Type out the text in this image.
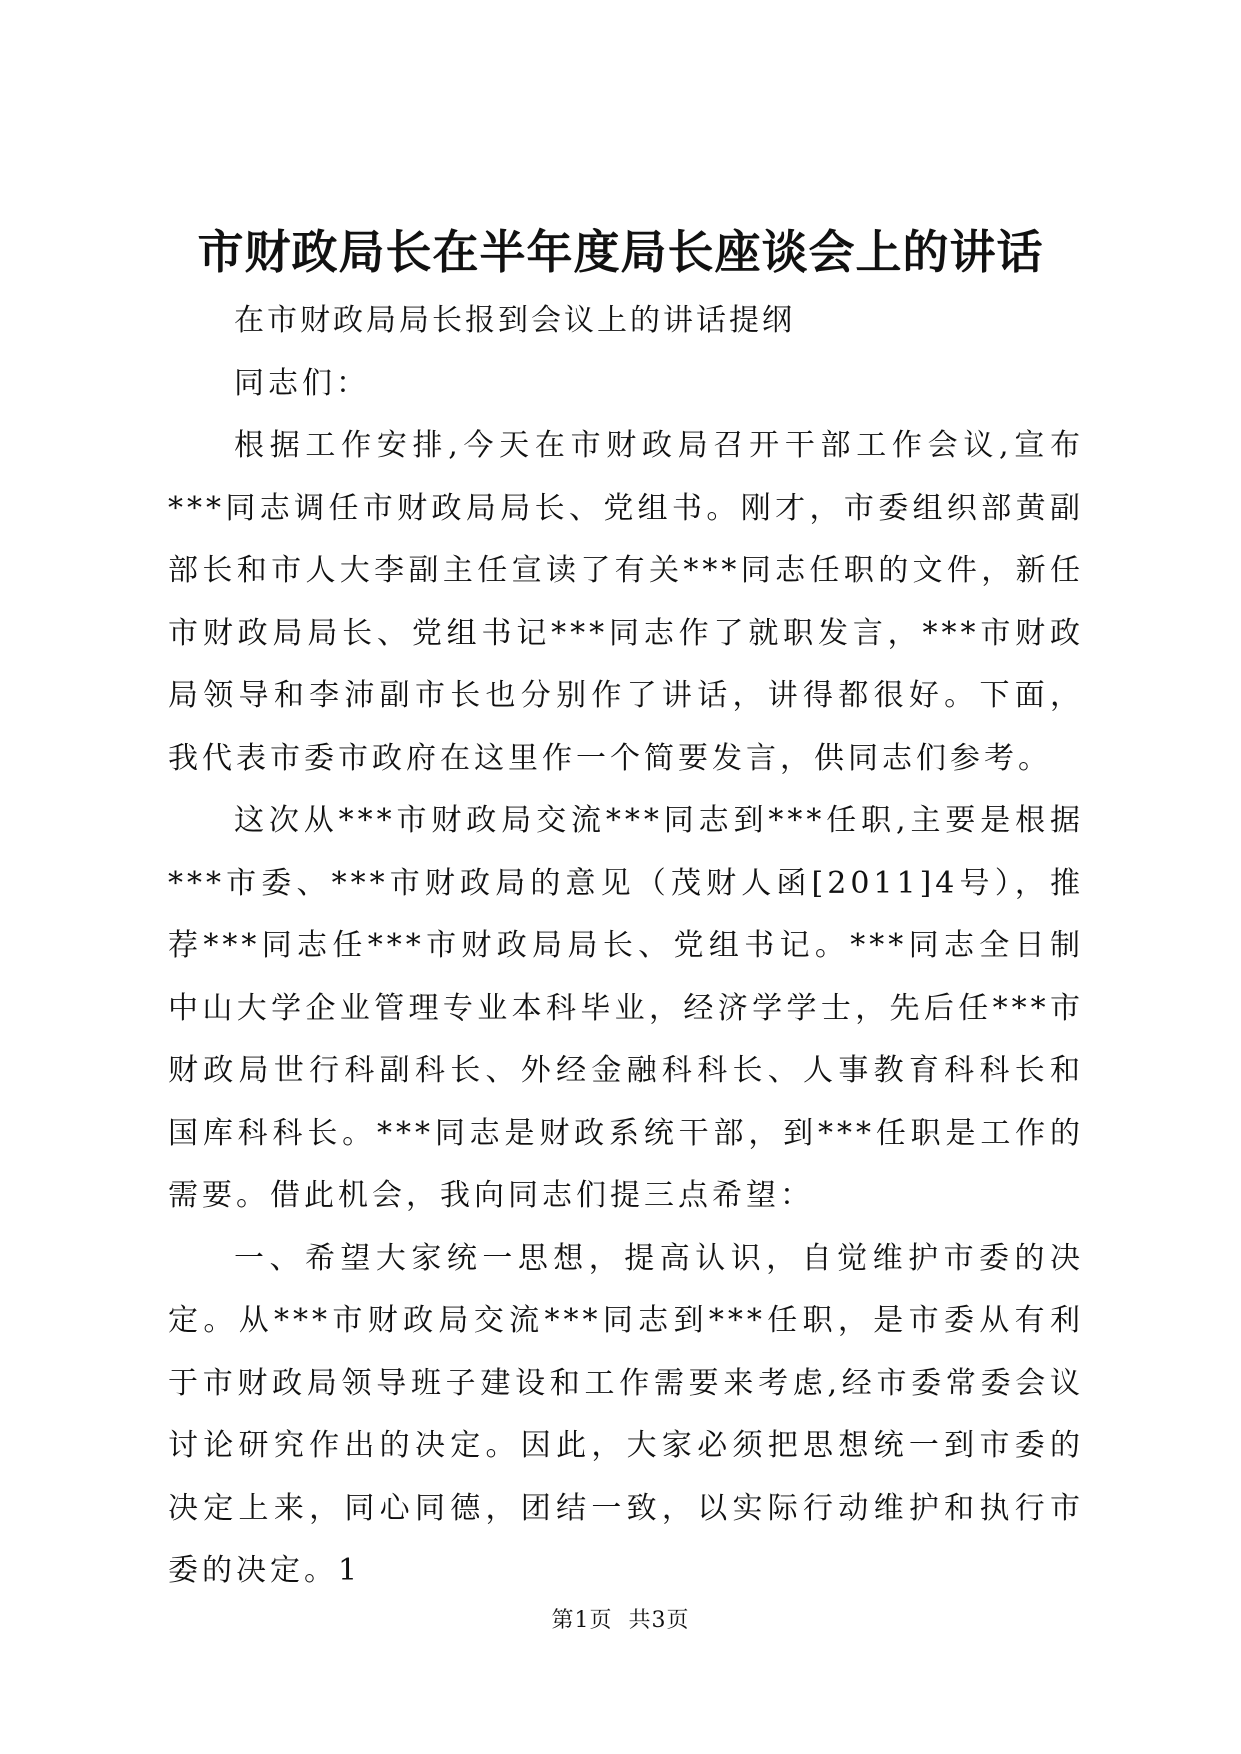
市财政局长在半年度局长座谈会上的讲话

在市财政局局长报到会议上的讲话提纲

同志们：

根据工作安排,今天在市财政局召开干部工作会议,宣布***同志调任市财政局局长、党组书。刚才，市委组织部黄副部长和市人大李副主任宣读了有关***同志任职的文件，新任市财政局局长、党组书记***同志作了就职发言，***市财政局领导和李沛副市长也分别作了讲话，讲得都很好。下面，我代表市委市政府在这里作一个简要发言，供同志们参考。

这次从***市财政局交流***同志到***任职,主要是根据***市委、***市财政局的意见（茂财人函[2011]4号），推荐***同志任***市财政局局长、党组书记。***同志全日制中山大学企业管理专业本科毕业，经济学学士，先后任***市财政局世行科副科长、外经金融科科长、人事教育科科长和国库科科长。***同志是财政系统干部，到***任职是工作的需要。借此机会，我向同志们提三点希望：

一、希望大家统一思想，提高认识，自觉维护市委的决定。从***市财政局交流***同志到***任职，是市委从有利于市财政局领导班子建设和工作需要来考虑,经市委常委会议讨论研究作出的决定。因此，大家必须把思想统一到市委的决定上来，同心同德，团结一致，以实际行动维护和执行市委的决定。1

第1页 共3页
